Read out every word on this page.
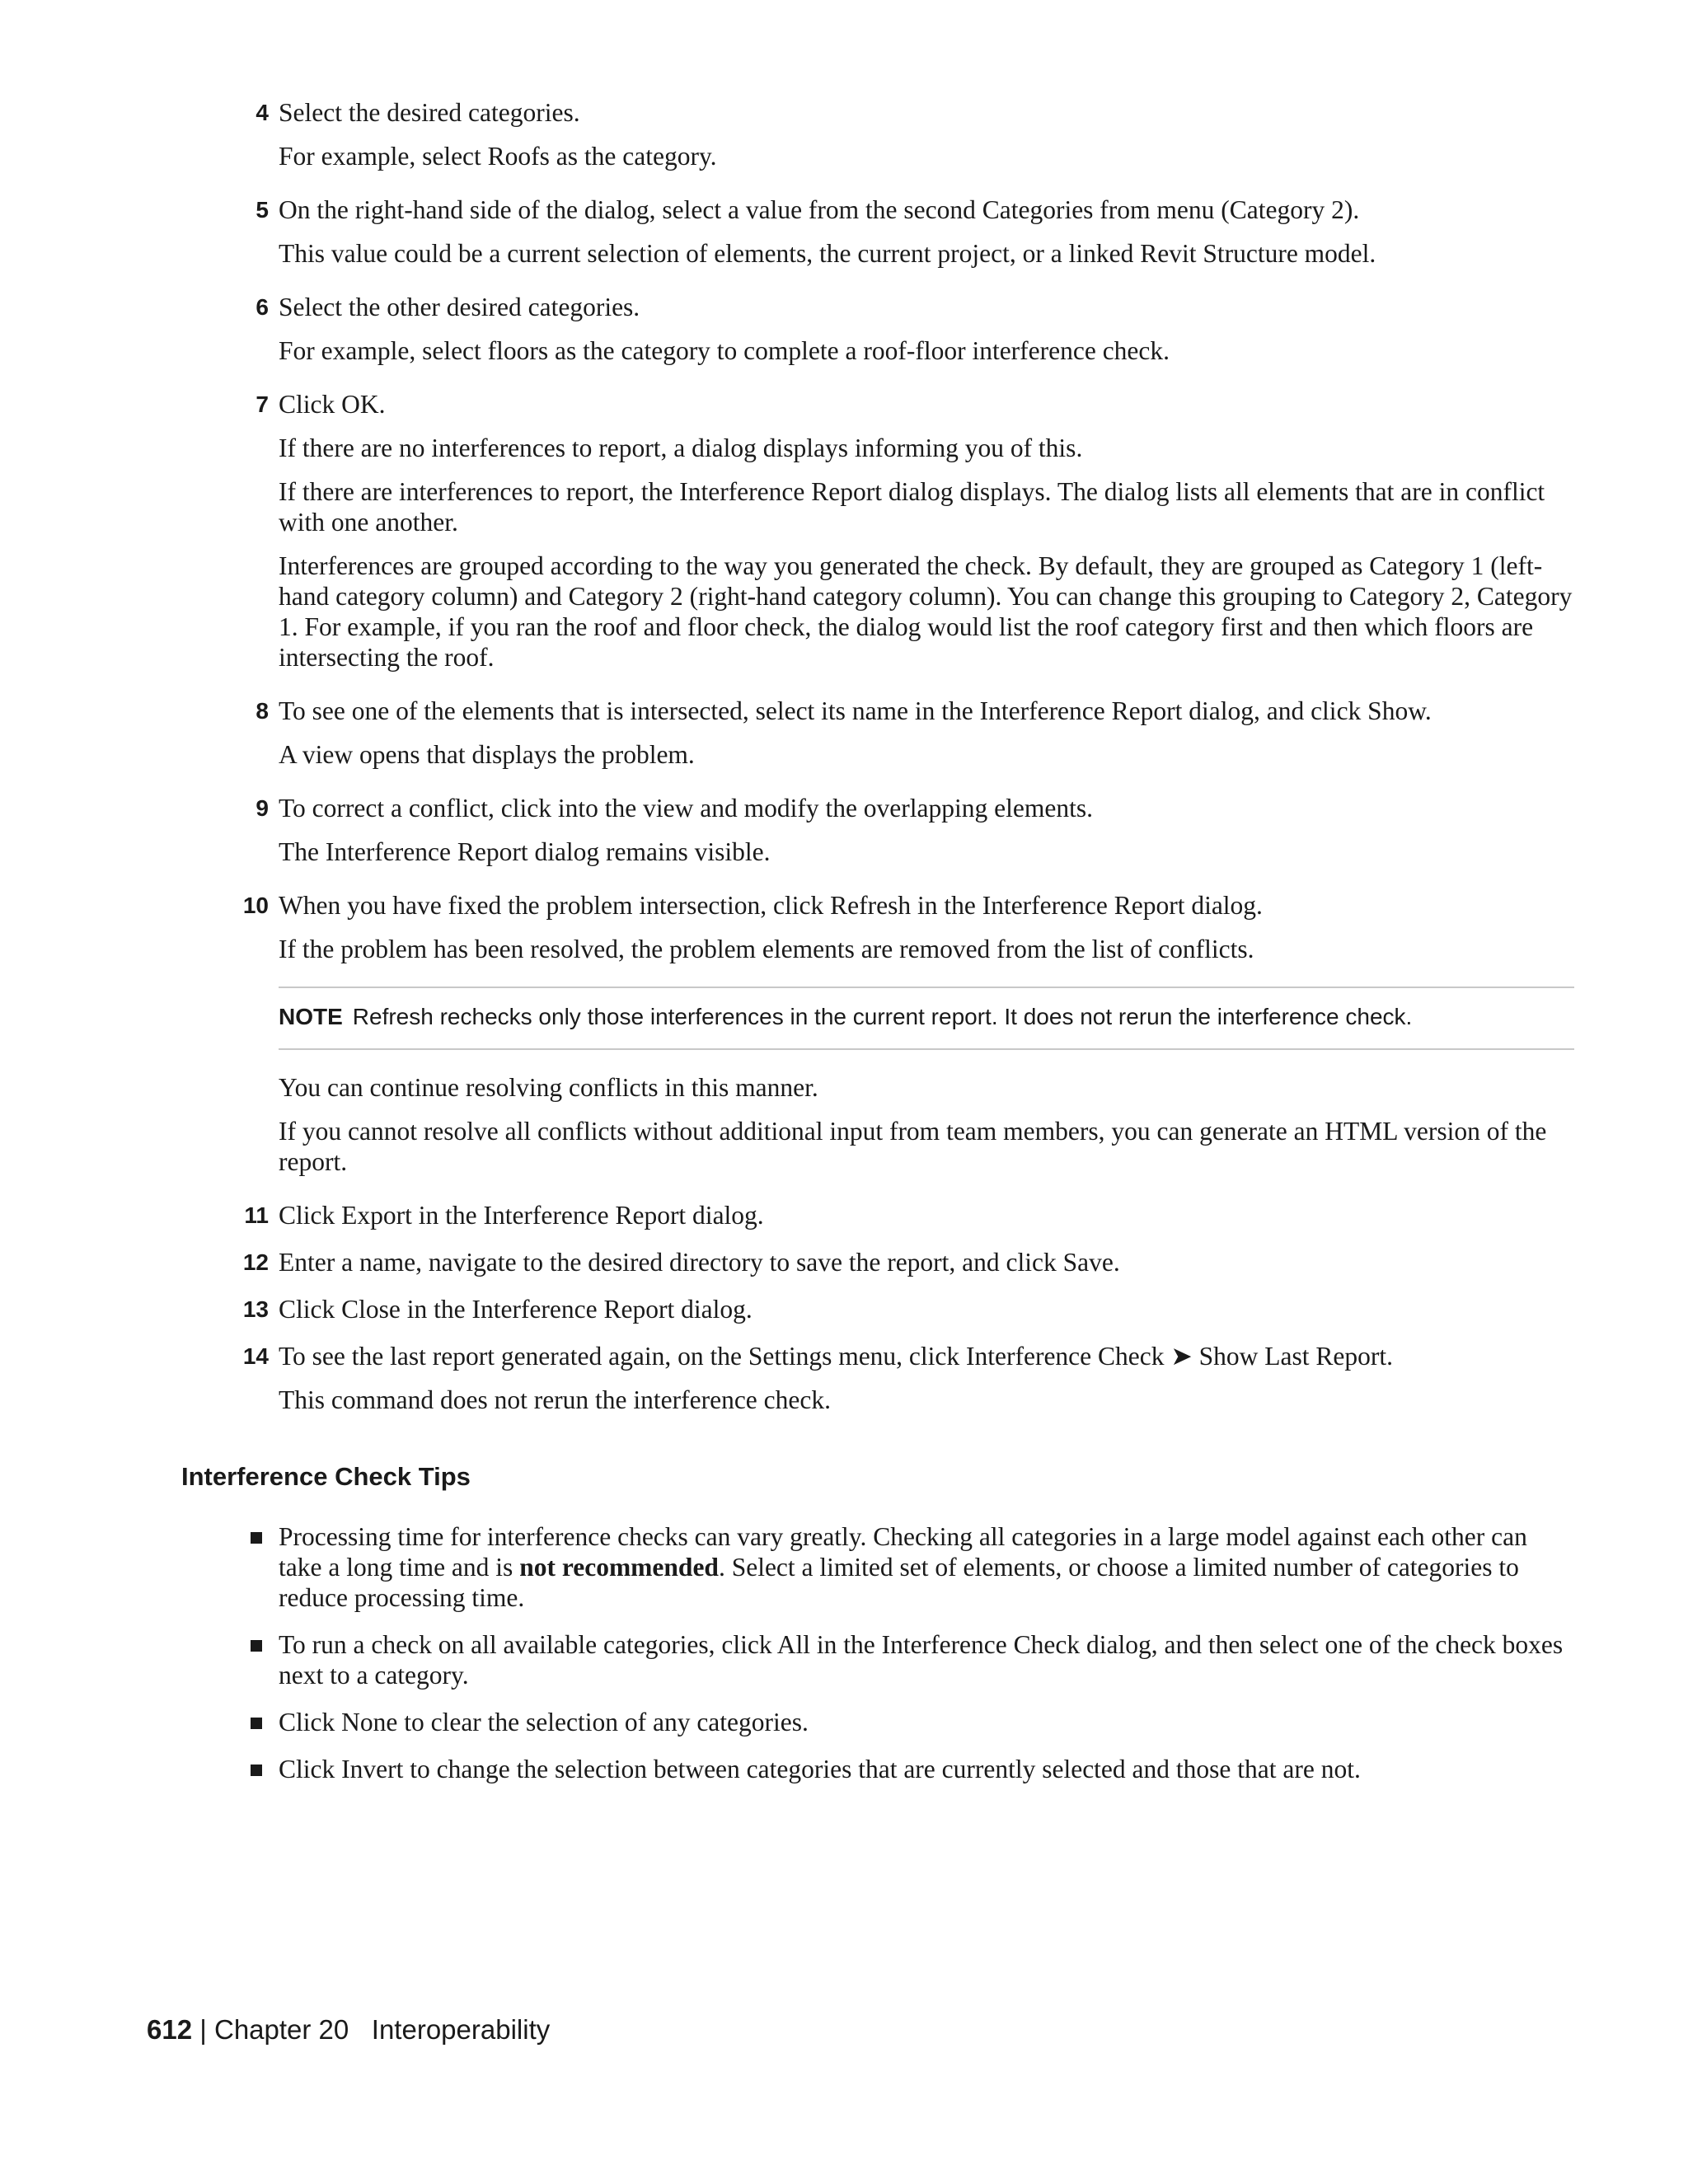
4 Select the desired categories.

For example, select Roofs as the category.

5 On the right-hand side of the dialog, select a value from the second Categories from menu (Category 2).

This value could be a current selection of elements, the current project, or a linked Revit Structure model.

6 Select the other desired categories.

For example, select floors as the category to complete a roof-floor interference check.

7 Click OK.

If there are no interferences to report, a dialog displays informing you of this.

If there are interferences to report, the Interference Report dialog displays. The dialog lists all elements that are in conflict with one another.

Interferences are grouped according to the way you generated the check. By default, they are grouped as Category 1 (left-hand category column) and Category 2 (right-hand category column). You can change this grouping to Category 2, Category 1. For example, if you ran the roof and floor check, the dialog would list the roof category first and then which floors are intersecting the roof.

8 To see one of the elements that is intersected, select its name in the Interference Report dialog, and click Show.

A view opens that displays the problem.

9 To correct a conflict, click into the view and modify the overlapping elements.

The Interference Report dialog remains visible.

10 When you have fixed the problem intersection, click Refresh in the Interference Report dialog.

If the problem has been resolved, the problem elements are removed from the list of conflicts.

NOTE Refresh rechecks only those interferences in the current report. It does not rerun the interference check.

You can continue resolving conflicts in this manner.

If you cannot resolve all conflicts without additional input from team members, you can generate an HTML version of the report.

11 Click Export in the Interference Report dialog.

12 Enter a name, navigate to the desired directory to save the report, and click Save.

13 Click Close in the Interference Report dialog.

14 To see the last report generated again, on the Settings menu, click Interference Check ➤ Show Last Report.

This command does not rerun the interference check.

Interference Check Tips
Processing time for interference checks can vary greatly. Checking all categories in a large model against each other can take a long time and is not recommended. Select a limited set of elements, or choose a limited number of categories to reduce processing time.
To run a check on all available categories, click All in the Interference Check dialog, and then select one of the check boxes next to a category.
Click None to clear the selection of any categories.
Click Invert to change the selection between categories that are currently selected and those that are not.
612 | Chapter 20 Interoperability
